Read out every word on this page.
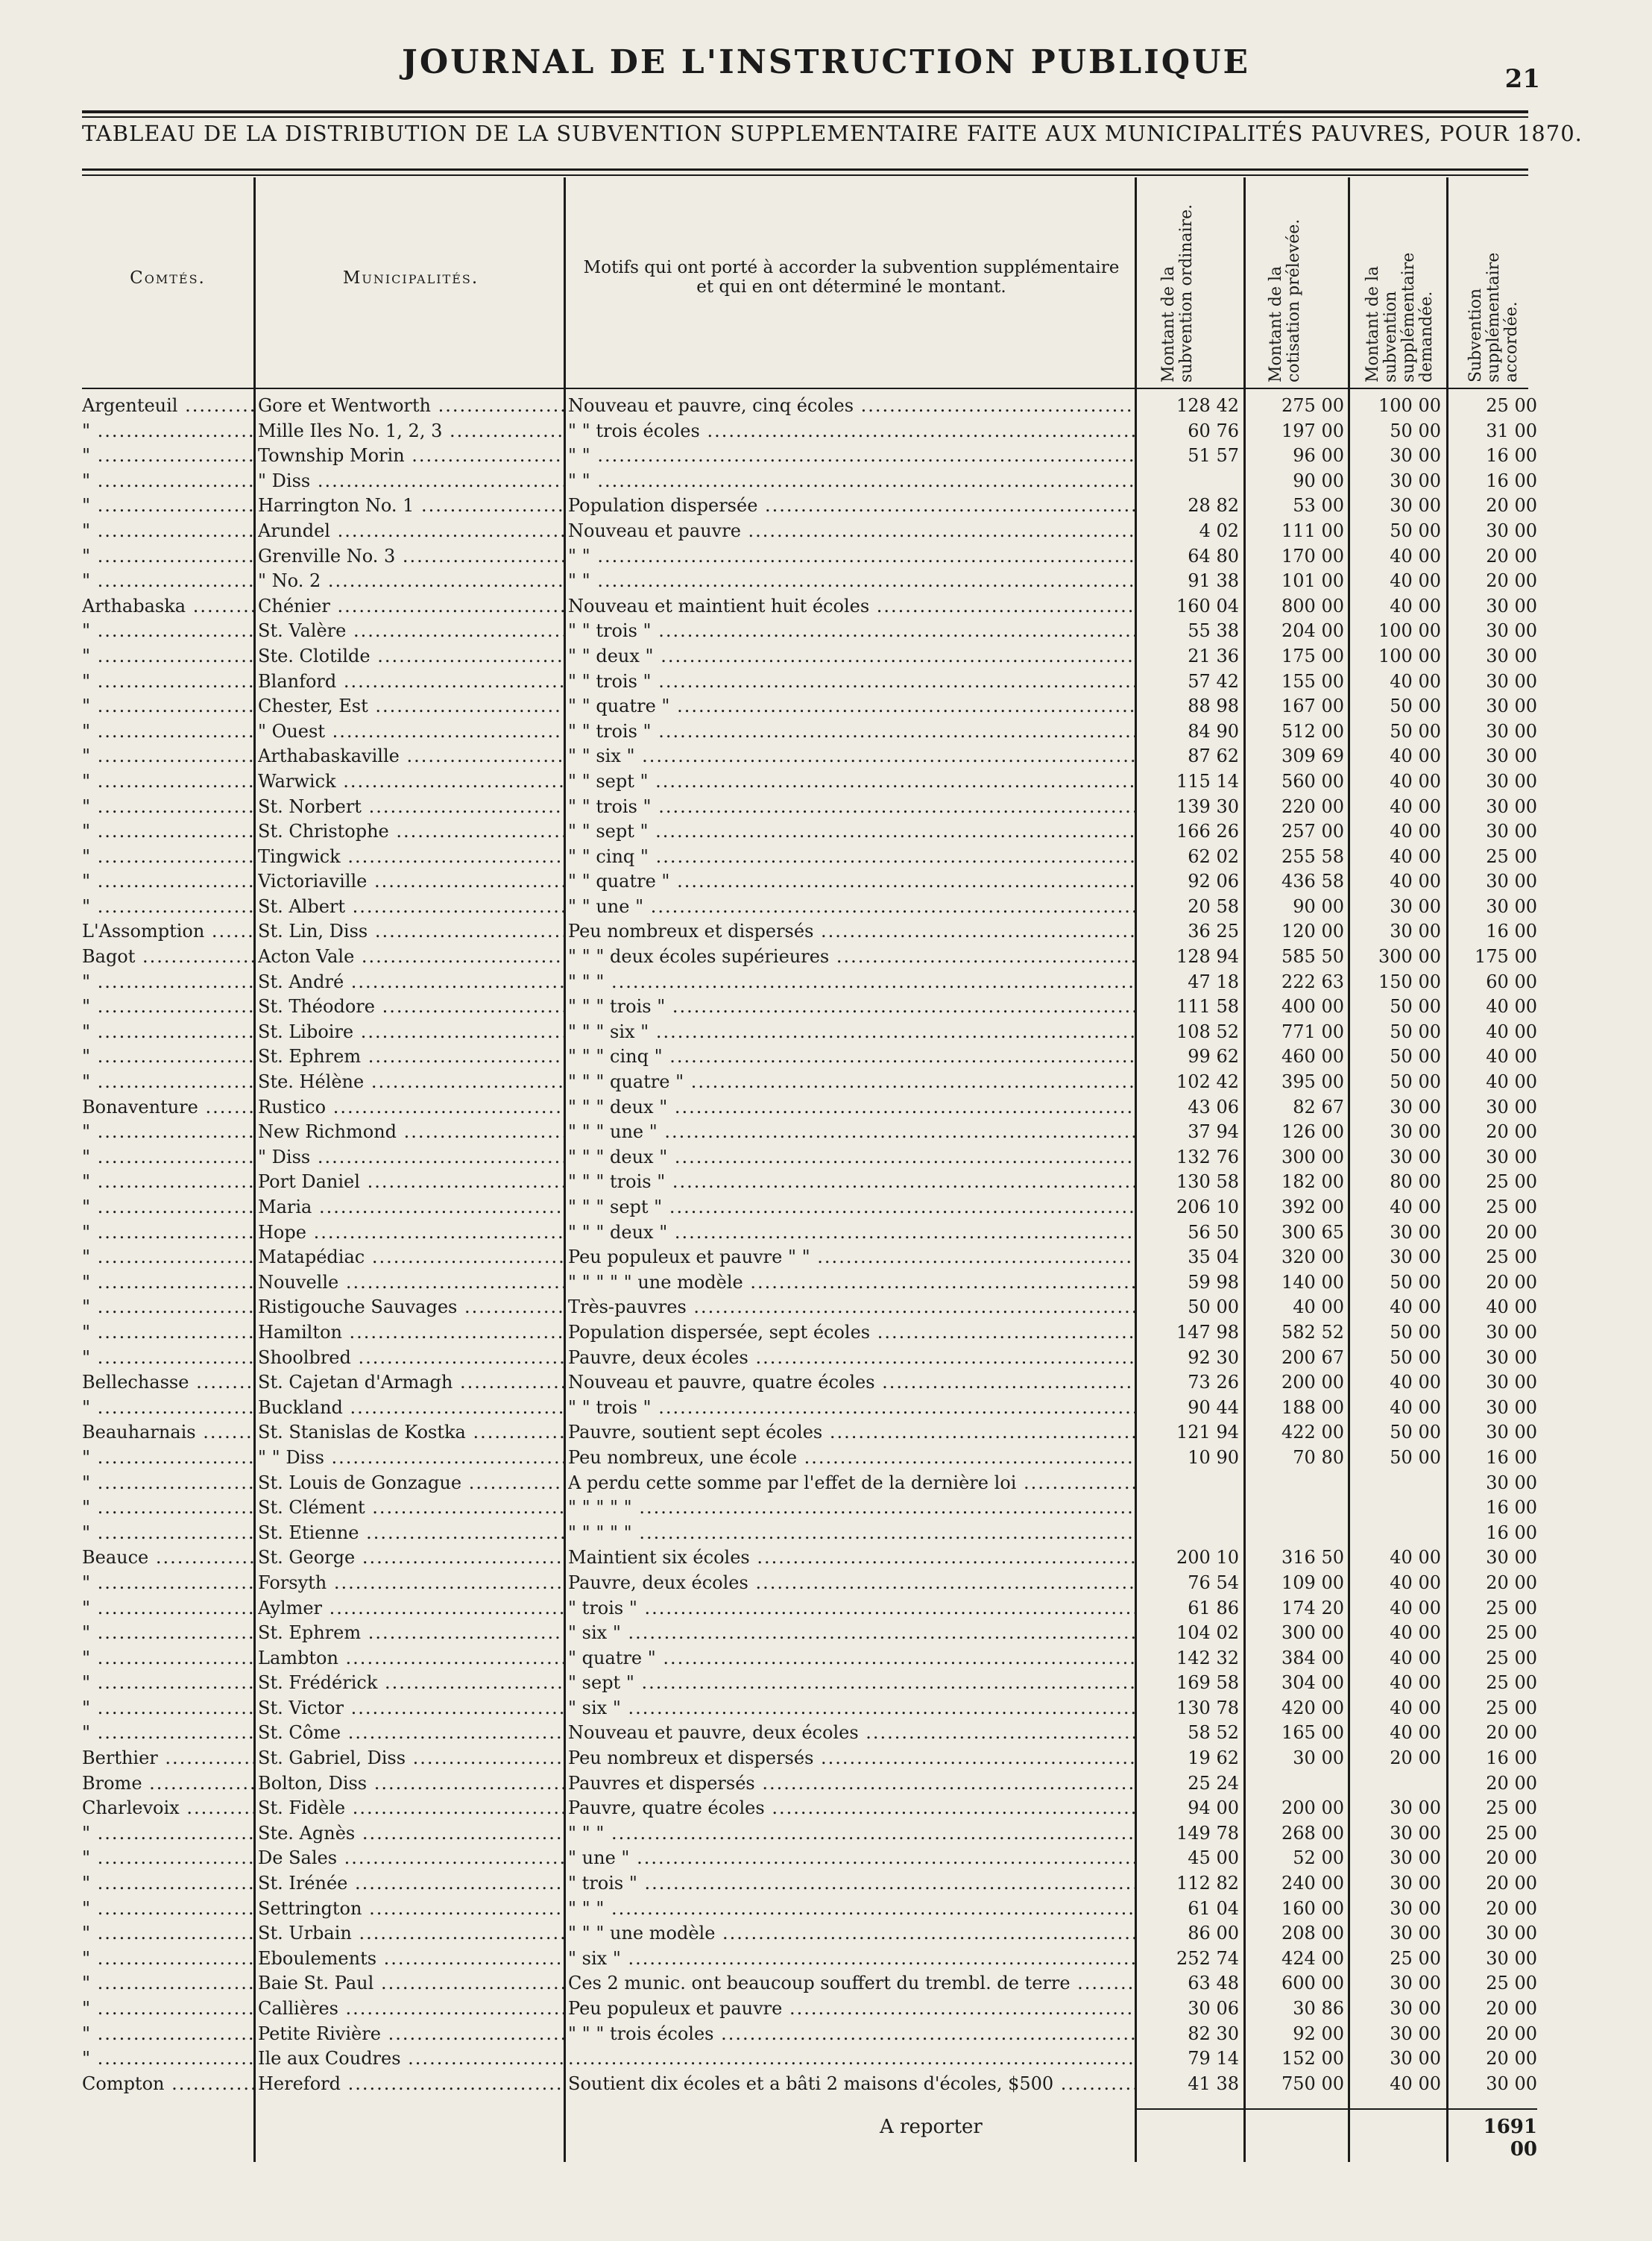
JOURNAL DE L'INSTRUCTION PUBLIQUE	21
TABLEAU DE LA DISTRIBUTION DE LA SUBVENTION SUPPLEMENTAIRE FAITE AUX MUNICIPALITÉS PAUVRES, POUR 1870.
Comtés.	Municipalités.
Motifs qui ont porté à accorder la subvention supplémentaire et qui en ont déterminé le montant.	Montant de la subvention ordinaire.	Montant de la cotisation prélevée.	Montant de la subvention supplémentaire demandée. Subvention supplémentaire accordée.
Argenteuil .....	Gore et Wentworth .....	Nouveau et pauvre, cinq écoles .....	128 42	275 00	100 00	25 00
" .....	Mille Iles No. 1, 2, 3 .....	" " trois écoles .....	60 76	197 00	50 00	31 00
" .....	Township Morin .....	" " .....	51 57	96 00	30 00	16 00
" .....	" Diss .....	" " .....	90 00	30 00	16 00
" .....	Harrington No. 1 .....	Population dispersée .....	28 82	53 00	30 00	20 00
" .....	Arundel .....	Nouveau et pauvre .....	4 02	111 00	50 00	30 00
" .....	Grenville No. 3 .....	" " .....	64 80	170 00	40 00	20 00
" .....	" No. 2 .....	" " .....	91 38	101 00	40 00	20 00
Arthabaska .....	Chénier .....	Nouveau et maintient huit écoles .....	160 04	800 00	40 00	30 00
" .....	St. Valère .....	" " trois " .....	55 38	204 00	100 00	30 00
" .....	Ste. Clotilde .....	" " deux " .....	21 36	175 00	100 00	30 00
" .....	Blanford .....	" " trois " .....	57 42	155 00	40 00	30 00
" .....	Chester, Est .....	" " quatre " .....	88 98	167 00	50 00	30 00
" .....	" Ouest .....	" " trois " .....	84 90	512 00	50 00	30 00
" .....	Arthabaskaville .....	" " six " .....	87 62	309 69	40 00	30 00
" .....	Warwick .....	" " sept " .....	115 14	560 00	40 00	30 00
" .....	St. Norbert .....	" " trois " .....	139 30	220 00	40 00	30 00
" .....	St. Christophe .....	" " sept " .....	166 26	257 00	40 00	30 00
" .....	Tingwick .....	" " cinq " .....	62 02	255 58	40 00	25 00
" .....	Victoriaville .....	" " quatre " .....	92 06	436 58	40 00	30 00
" .....	St. Albert .....	" " une " .....	20 58	90 00	30 00	30 00
L'Assomption .....	St. Lin, Diss .....	Peu nombreux et dispersés .....	36 25	120 00	30 00	16 00
Bagot .....	Acton Vale .....	" " " deux écoles supérieures .....	128 94	585 50	300 00	175 00
" .....	St. André .....	" " " .....	47 18	222 63	150 00	60 00
" .....	St. Théodore .....	" " " trois " .....	111 58	400 00	50 00	40 00
" .....	St. Liboire .....	" " " six " .....	108 52	771 00	50 00	40 00
" .....	St. Ephrem .....	" " " cinq " .....	99 62	460 00	50 00	40 00
" .....	Ste. Hélène .....	" " " quatre " .....	102 42	395 00	50 00	40 00
Bonaventure .....	Rustico .....	" " " deux " .....	43 06	82 67	30 00	30 00
" .....	New Richmond .....	" " " une " .....	37 94	126 00	30 00	20 00
" .....	" Diss .....	" " " deux " .....	132 76	300 00	30 00	30 00
" .....	Port Daniel .....	" " " trois " .....	130 58	182 00	80 00	25 00
" .....	Maria .....	" " " sept " .....	206 10	392 00	40 00	25 00
" .....	Hope .....	" " " deux " .....	56 50	300 65	30 00	20 00
" .....	Matapédiac .....	Peu populeux et pauvre " " .....	35 04	320 00	30 00	25 00
" .....	Nouvelle .....	" " " " " une modèle .....	59 98	140 00	50 00	20 00
" .....	Ristigouche Sauvages .....	Très-pauvres .....	50 00	40 00	40 00	40 00
" .....	Hamilton .....	Population dispersée, sept écoles .....	147 98	582 52	50 00	30 00
" .....	Shoolbred .....	Pauvre, deux écoles .....	92 30	200 67	50 00	30 00
Bellechasse .....	St. Cajetan d'Armagh .....	Nouveau et pauvre, quatre écoles .....	73 26	200 00	40 00	30 00
" .....	Buckland .....	" " trois " .....	90 44	188 00	40 00	30 00
Beauharnais .....	St. Stanislas de Kostka .....	Pauvre, soutient sept écoles .....	121 94	422 00	50 00	30 00
" .....	" " Diss .....	Peu nombreux, une école .....	10 90	70 80	50 00	16 00
" .....	St. Louis de Gonzague .....	A perdu cette somme par l'effet de la dernière loi .....	30 00
" .....	St. Clément .....	" " " " " .....	16 00
" .....	St. Etienne .....	" " " " " .....	16 00
Beauce .....	St. George .....	Maintient six écoles .....	200 10	316 50	40 00	30 00
" .....	Forsyth .....	Pauvre, deux écoles .....	76 54	109 00	40 00	20 00
" .....	Aylmer .....	" trois " .....	61 86	174 20	40 00	25 00
" .....	St. Ephrem .....	" six " .....	104 02	300 00	40 00	25 00
" .....	Lambton .....	" quatre " .....	142 32	384 00	40 00	25 00
" .....	St. Frédérick .....	" sept " .....	169 58	304 00	40 00	25 00
" .....	St. Victor .....	" six " .....	130 78	420 00	40 00	25 00
" .....	St. Côme .....	Nouveau et pauvre, deux écoles .....	58 52	165 00	40 00	20 00
Berthier .....	St. Gabriel, Diss .....	Peu nombreux et dispersés .....	19 62	30 00	20 00	16 00
Brome .....	Bolton, Diss .....	Pauvres et dispersés .....	25 24	20 00
Charlevoix .....	St. Fidèle .....	Pauvre, quatre écoles .....	94 00	200 00	30 00	25 00
" .....	Ste. Agnès .....	" " " .....	149 78	268 00	30 00	25 00
" .....	De Sales .....	" une " .....	45 00	52 00	30 00	20 00
" .....	St. Irénée .....	" trois " .....	112 82	240 00	30 00	20 00
" .....	Settrington .....	" " " .....	61 04	160 00	30 00	20 00
" .....	St. Urbain .....	" " " une modèle .....	86 00	208 00	30 00	30 00
" .....	Eboulements .....	" six " .....	252 74	424 00	25 00	30 00
" .....	Baie St. Paul .....	Ces 2 munic. ont beaucoup souffert du trembl. de terre .....	63 48	600 00	30 00	25 00
" .....	Callières .....	Peu populeux et pauvre .....	30 06	30 86	30 00	20 00
" .....	Petite Rivière .....	" " " trois écoles .....	82 30	92 00	30 00	20 00
" .....	Ile aux Coudres .....
.....	79 14	152 00	30 00	20 00
Compton .....	Hereford .....	Soutient dix écoles et a bâti 2 maisons d'écoles, $500 .....	41 38	750 00	40 00	30 00
A reporter	1691 00
